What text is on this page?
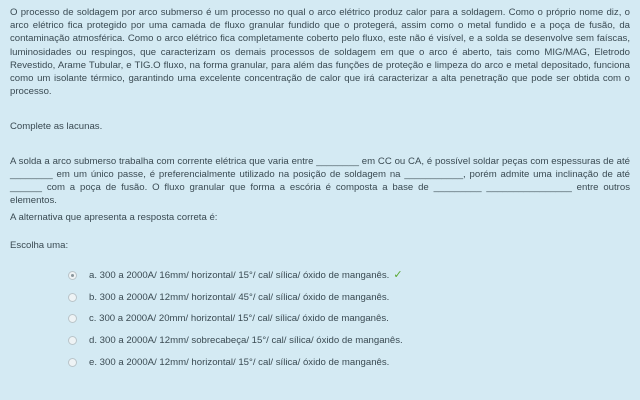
O processo de soldagem por arco submerso é um processo no qual o arco elétrico produz calor para a soldagem. Como o próprio nome diz, o arco elétrico fica protegido por uma camada de fluxo granular fundido que o protegerá, assim como o metal fundido e a poça de fusão, da contaminação atmosférica. Como o arco elétrico fica completamente coberto pelo fluxo, este não é visível, e a solda se desenvolve sem faíscas, luminosidades ou respingos, que caracterizam os demais processos de soldagem em que o arco é aberto, tais como MIG/MAG, Eletrodo Revestido, Arame Tubular, e TIG.O fluxo, na forma granular, para além das funções de proteção e limpeza do arco e metal depositado, funciona como um isolante térmico, garantindo uma excelente concentração de calor que irá caracterizar a alta penetração que pode ser obtida com o processo.

Complete as lacunas.

A solda a arco submerso trabalha com corrente elétrica que varia entre ________ em CC ou CA, é possível soldar peças com espessuras de até ________ em um único passe, é preferencialmente utilizado na posição de soldagem na ___________, porém admite uma inclinação de até ______ com a poça de fusão. O fluxo granular que forma a escória é composta a base de _________ ________________ entre outros elementos.

A alternativa que apresenta a resposta correta é:

Escolha uma:

a. 300 a 2000A/ 16mm/ horizontal/ 15°/ cal/ sílica/ óxido de manganês. ✓
b. 300 a 2000A/ 12mm/ horizontal/ 45°/ cal/ sílica/ óxido de manganês.
c. 300 a 2000A/ 20mm/ horizontal/ 15°/ cal/ sílica/ óxido de manganês.
d. 300 a 2000A/ 12mm/ sobrecabeça/ 15°/ cal/ sílica/ óxido de manganês.
e. 300 a 2000A/ 12mm/ horizontal/ 15°/ cal/ sílica/ óxido de manganês.
